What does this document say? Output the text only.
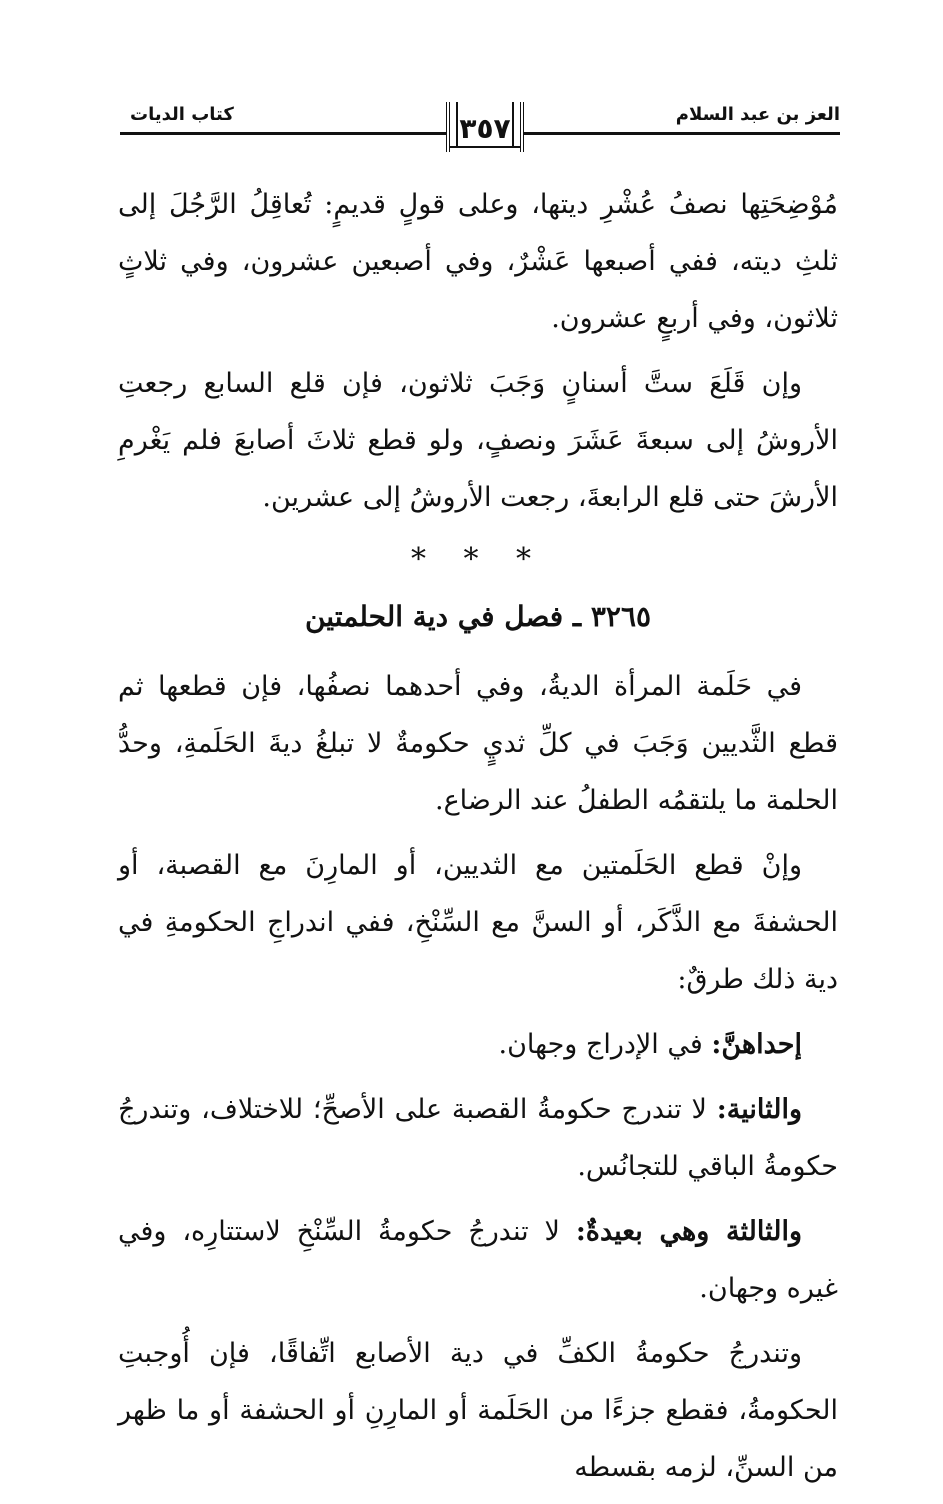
كتاب الديات	٣٥٧	العز بن عبد السلام

مُوْضِحَتِها نصفُ عُشْرِ ديتها، وعلى قولٍ قديمٍ: تُعاقِلُ الرَّجُلَ إلى ثلثِ ديته، ففي أصبعها عَشْرٌ، وفي أصبعين عشرون، وفي ثلاثٍ ثلاثون، وفي أربعٍ عشرون.

وإن قَلَعَ ستَّ أسنانٍ وَجَبَ ثلاثون، فإن قلع السابع رجعتِ الأروشُ إلى سبعةَ عَشَرَ ونصفٍ، ولو قطع ثلاثَ أصابعَ فلم يَغْرمِ الأرشَ حتى قلع الرابعةَ، رجعت الأروشُ إلى عشرين.

* * *
٣٢٦٥ ـ فصل في دية الحلمتين

في حَلَمة المرأة الديةُ، وفي أحدهما نصفُها، فإن قطعها ثم قطع الثَّديين وَجَبَ في كلِّ ثديٍ حكومةٌ لا تبلغُ ديةَ الحَلَمةِ، وحدُّ الحلمة ما يلتقمُه الطفلُ عند الرضاع.

وإنْ قطع الحَلَمتين مع الثديين، أو المارِنَ مع القصبة، أو الحشفةَ مع الذَّكَر، أو السنَّ مع السِّنْخِ، ففي اندراجِ الحكومةِ في دية ذلك طرقٌ:

إحداهنَّ: في الإدراج وجهان.

والثانية: لا تندرج حكومةُ القصبة على الأصحِّ؛ للاختلاف، وتندرجُ حكومةُ الباقي للتجانُس.

والثالثة وهي بعيدةٌ: لا تندرجُ حكومةُ السِّنْخِ لاستتارِه، وفي غيره وجهان.

وتندرجُ حكومةُ الكفِّ في دية الأصابع اتِّفاقًا، فإن أُوجبتِ الحكومةُ، فقطع جزءًا من الحَلَمة أو المارِنِ أو الحشفة أو ما ظهر من السنِّ، لزمه بقسطه
